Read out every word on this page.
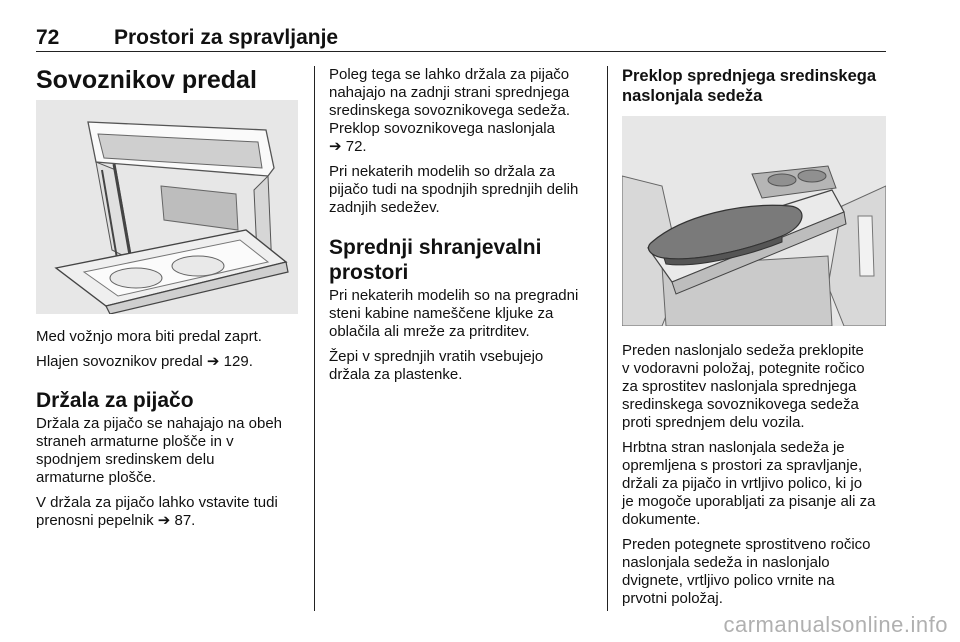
72	Prostori za spravljanje
Sovoznikov predal

Med vožnjo mora biti predal zaprt.

Hlajen sovoznikov predal ➔ 129.

Držala za pijačo

Držala za pijačo se nahajajo na obeh
straneh armaturne plošče in v
spodnjem sredinskem delu
armaturne plošče.

V držala za pijačo lahko vstavite tudi
prenosni pepelnik ➔ 87.

Poleg tega se lahko držala za pijačo
nahajajo na zadnji strani sprednjega
sredinskega sovoznikovega sedeža.
Preklop sovoznikovega naslonjala
➔ 72.

Pri nekaterih modelih so držala za
pijačo tudi na spodnjih sprednjih delih
zadnjih sedežev.

Sprednji shranjevalni
prostori

Pri nekaterih modelih so na pregradni
steni kabine nameščene kljuke za
oblačila ali mreže za pritrditev.

Žepi v sprednjih vratih vsebujejo
držala za plastenke.

Preklop sprednjega sredinskega
naslonjala sedeža

Preden naslonjalo sedeža preklopite
v vodoravni položaj, potegnite ročico
za sprostitev naslonjala sprednjega
sredinskega sovoznikovega sedeža
proti sprednjem delu vozila.

Hrbtna stran naslonjala sedeža je
opremljena s prostori za spravljanje,
držali za pijačo in vrtljivo polico, ki jo
je mogoče uporabljati za pisanje ali za
dokumente.

Preden potegnete sprostitveno ročico
naslonjala sedeža in naslonjalo
dvignete, vrtljivo polico vrnite na
prvotni položaj.

carmanualsonline.info
